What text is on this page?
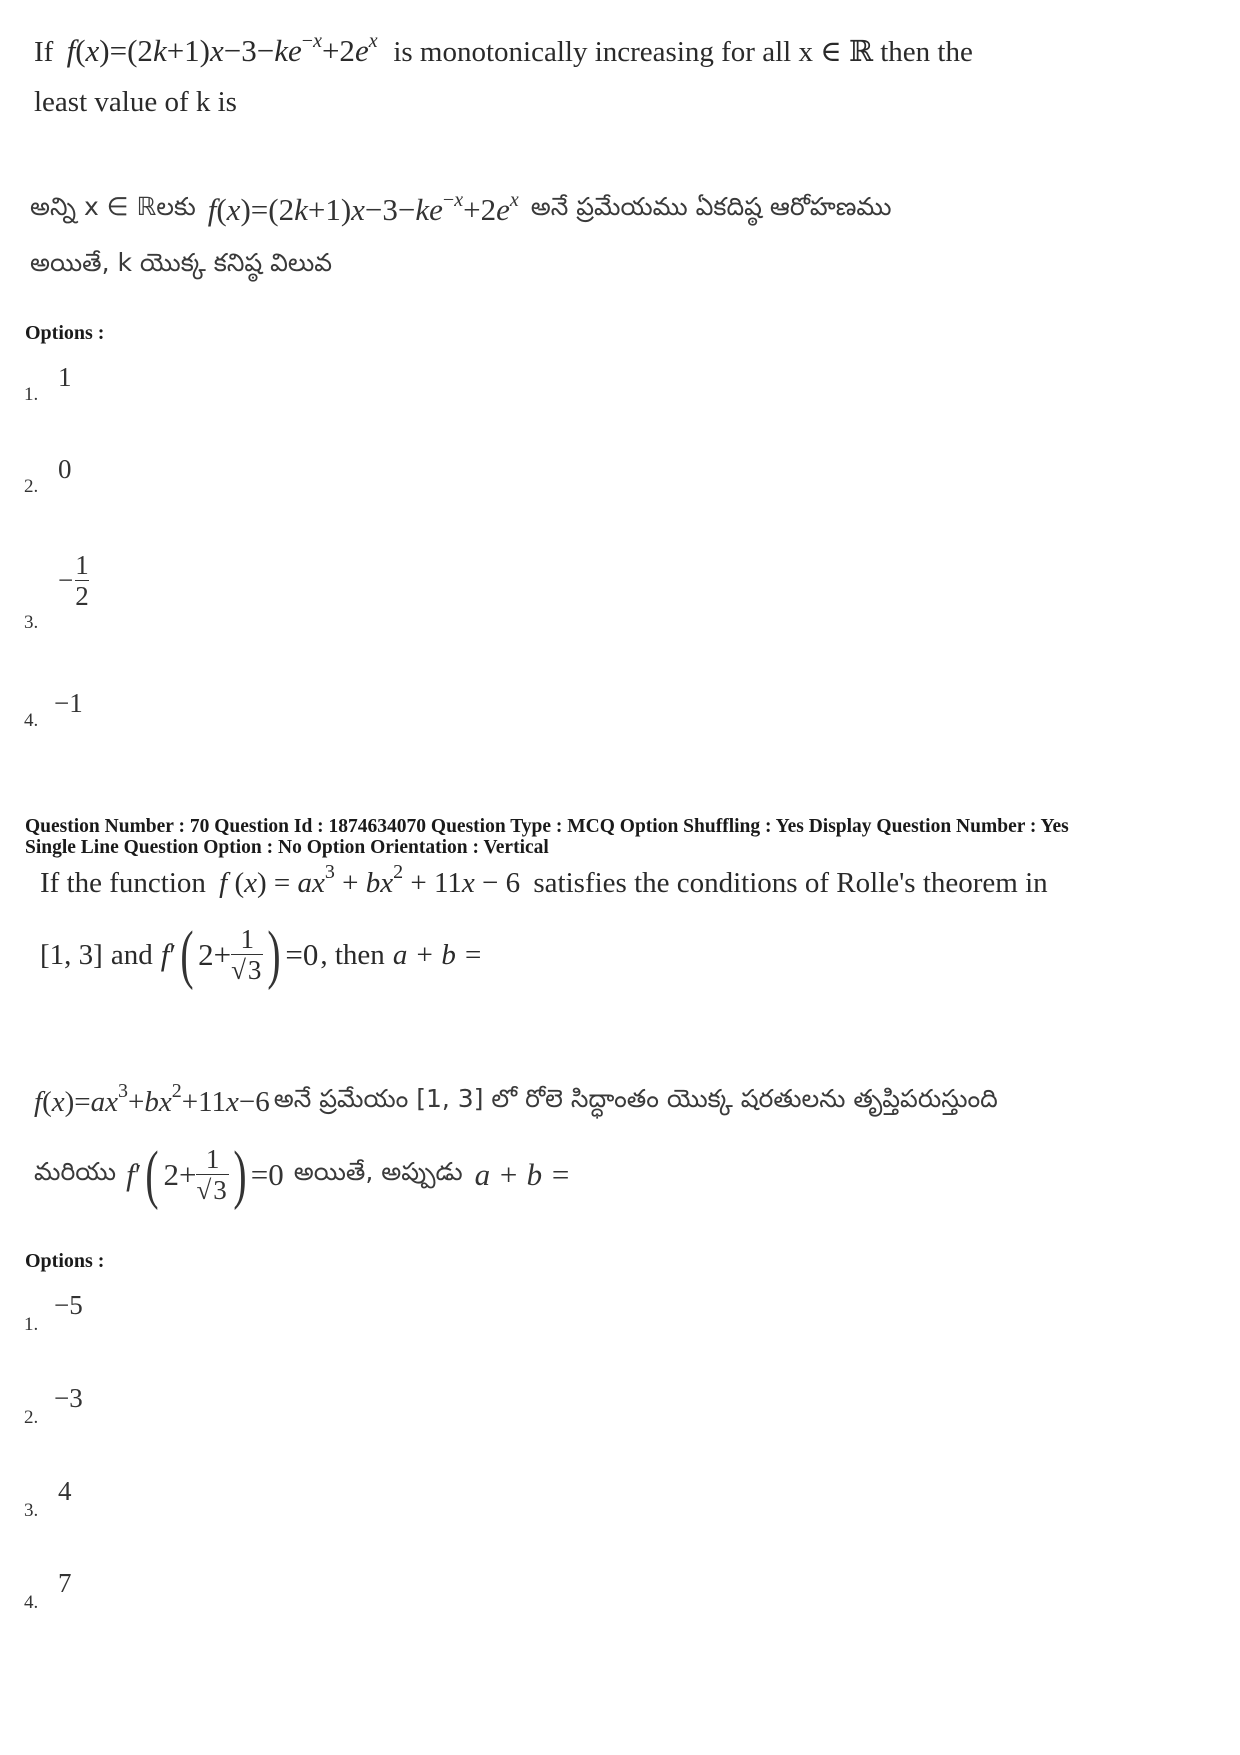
If $f(x)=(2k+1)x-3-ke^{-x}+2e^x$ is monotonically increasing for all x ∈ ℝ then the
least value of k is
అన్ని x ∈ ℝలకు $f(x)=(2k+1)x-3-ke^{-x}+2e^x$ అనే ప్రమేయము ఏకదిష్ఠ ఆరోహణము
అయితే, k యొక్క కనిష్ఠ విలువ
Options :
1.
1
2.
0
3.
− $\frac{1}{2}$
4.
−1
Question Number : 70 Question Id : 1874634070 Question Type : MCQ Option Shuffling : Yes Display Question Number : Yes
Single Line Question Option : No Option Orientation : Vertical
If the function f $(x) = ax^3 + bx^2 + 11x - 6$ satisfies the conditions of Rolle's theorem in
[1, 3] and f ′ ( $2+ \frac{1}{√3}$ ) =0 , then a + b =
$f(x)=ax^3+bx^2+11x-6$ అనే ప్రమేయం [1, 3] లో రోలె సిద్ధాంతం యొక్క షరతులను తృప్తిపరుస్తుంది
మరియు f ′ ( $2+ \frac{1}{√3}$ ) =0 అయితే, అప్పుడు a + b =
Options :
1.
−5
2.
−3
3.
4
4.
7
